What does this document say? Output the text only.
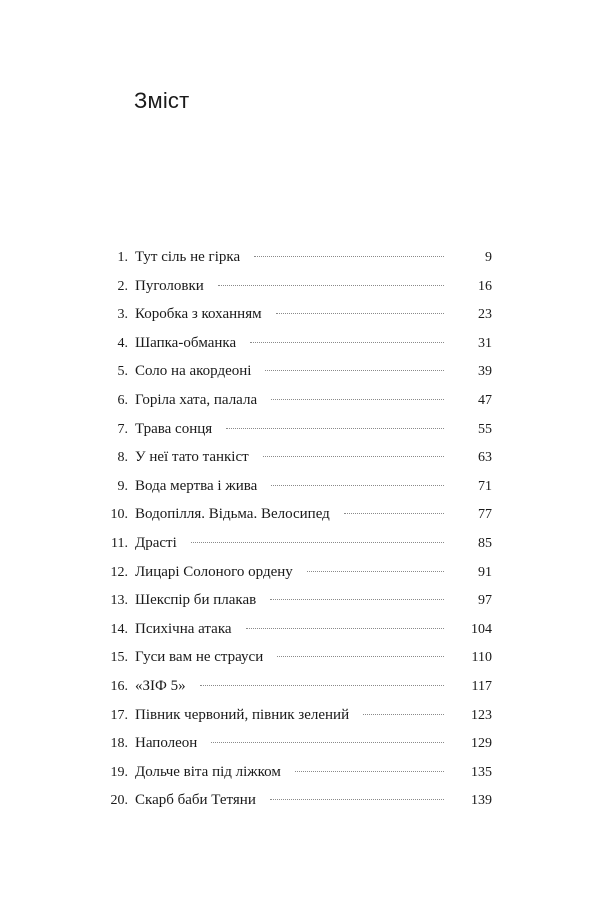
Зміст
1. Тут сіль не гірка	9
2. Пуголовки	16
3. Коробка з коханням	23
4. Шапка-обманка	31
5. Соло на акордеоні	39
6. Горіла хата, палала	47
7. Трава сонця	55
8. У неї тато танкіст	63
9. Вода мертва і жива	71
10. Водопілля. Відьма. Велосипед	77
11. Драсті	85
12. Лицарі Солоного ордену	91
13. Шекспір би плакав	97
14. Психічна атака	104
15. Гуси вам не страуси	110
16. «ЗІФ 5»	117
17. Півник червоний, півник зелений	123
18. Наполеон	129
19. Дольче віта під ліжком	135
20. Скарб баби Тетяни	139
